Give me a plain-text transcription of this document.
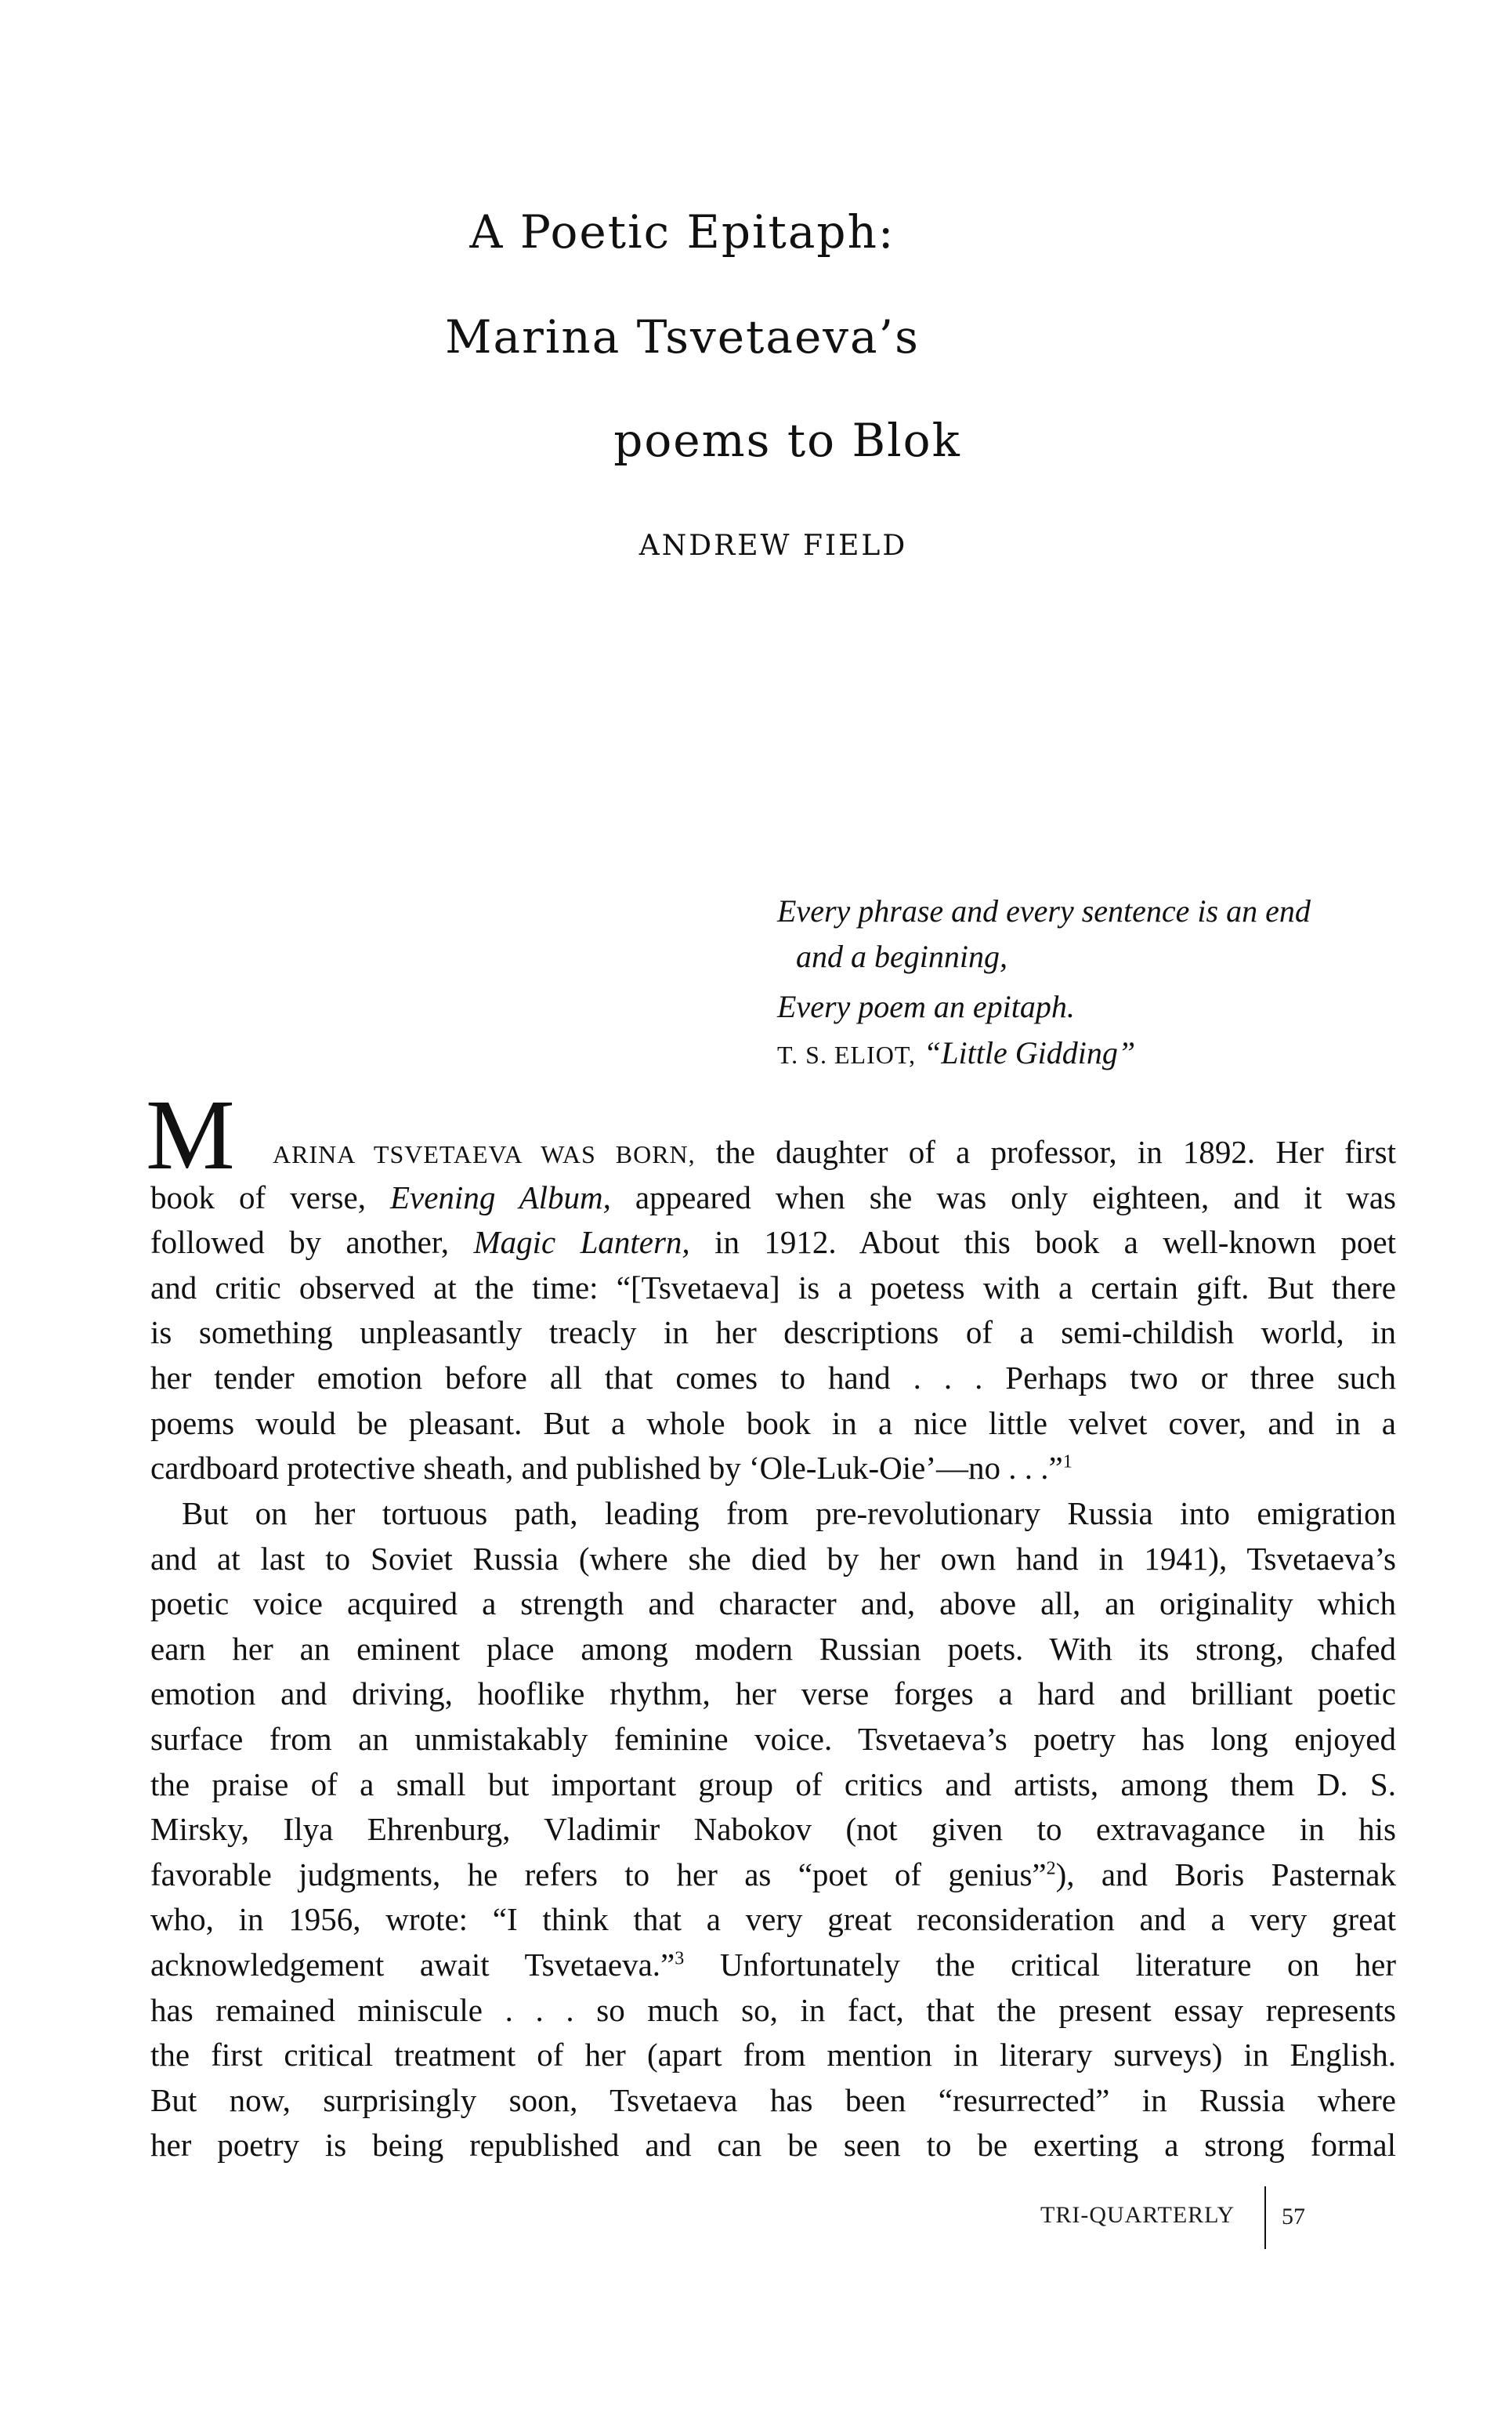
A Poetic Epitaph:
Marina Tsvetaeva’s
poems to Blok
ANDREW FIELD
Every phrase and every sentence is an end
and a beginning,
Every poem an epitaph.
T. S. ELIOT, “Little Gidding”
M ARINA TSVETAEVA WAS BORN, the daughter of a professor, in 1892. Her first
book of verse, Evening Album, appeared when she was only eighteen, and it was
followed by another, Magic Lantern, in 1912. About this book a well-known poet
and critic observed at the time: “[Tsvetaeva] is a poetess with a certain gift. But there
is something unpleasantly treacly in her descriptions of a semi-childish world, in
her tender emotion before all that comes to hand . . . Perhaps two or three such
poems would be pleasant. But a whole book in a nice little velvet cover, and in a
cardboard protective sheath, and published by ‘Ole-Luk-Oie’—no . . .”$^1$
But on her tortuous path, leading from pre-revolutionary Russia into emigration
and at last to Soviet Russia (where she died by her own hand in 1941), Tsvetaeva’s
poetic voice acquired a strength and character and, above all, an originality which
earn her an eminent place among modern Russian poets. With its strong, chafed
emotion and driving, hooflike rhythm, her verse forges a hard and brilliant poetic
surface from an unmistakably feminine voice. Tsvetaeva’s poetry has long enjoyed
the praise of a small but important group of critics and artists, among them D. S.
Mirsky, Ilya Ehrenburg, Vladimir Nabokov (not given to extravagance in his
favorable judgments, he refers to her as “poet of genius”$^2$), and Boris Pasternak
who, in 1956, wrote: “I think that a very great reconsideration and a very great
acknowledgement await Tsvetaeva.”$^3$ Unfortunately the critical literature on her
has remained miniscule . . . so much so, in fact, that the present essay represents
the first critical treatment of her (apart from mention in literary surveys) in English.
But now, surprisingly soon, Tsvetaeva has been “resurrected” in Russia where
her poetry is being republished and can be seen to be exerting a strong formal
TRI-QUARTERLY 57
